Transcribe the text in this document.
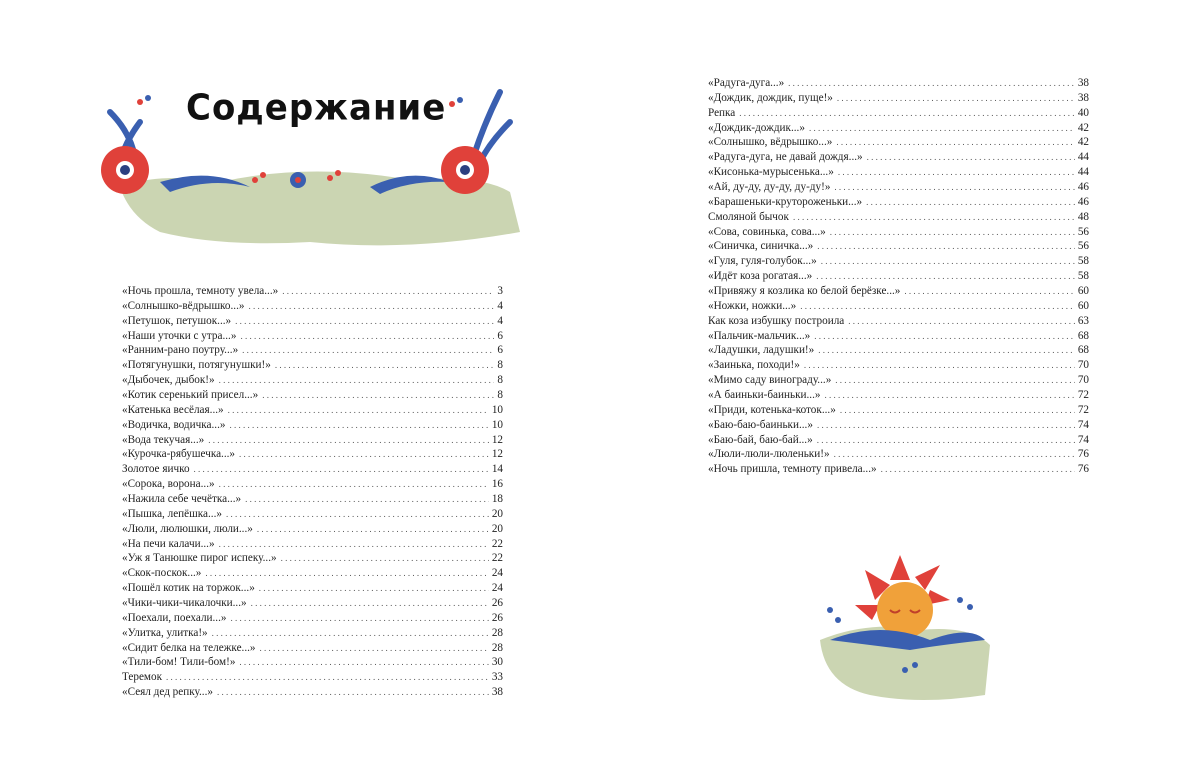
Содержание
«Ночь прошла, темноту увела...» . . .	3
«Солнышко-вёдрышко...» . . .	4
«Петушок, петушок...» . . .	4
«Наши уточки с утра...» . . .	6
«Ранним-рано поутру...» . . .	6
«Потягунушки, потягунушки!» . . .	8
«Дыбочек, дыбок!» . . .	8
«Котик серенький присел...» . . .	8
«Катенька весёлая...» . . .	10
«Водичка, водичка...» . . .	10
«Вода текучая...» . . .	12
«Курочка-рябушечка...» . . .	12
Золотое яичко . . .	14
«Сорока, ворона...» . . .	16
«Нажила себе чечётка...» . . .	18
«Пышка, лепёшка...» . . .	20
«Люли, люлюшки, люли...» . . .	20
«На печи калачи...» . . .	22
«Уж я Танюшке пирог испеку...» . . .	22
«Скок-поскок...» . . .	24
«Пошёл котик на торжок...» . . .	24
«Чики-чики-чикалочки...» . . .	26
«Поехали, поехали...» . . .	26
«Улитка, улитка!» . . .	28
«Сидит белка на тележке...» . . .	28
«Тили-бом! Тили-бом!» . . .	30
Теремок . . .	33
«Сеял дед репку...» . . .	38
«Радуга-дуга...» . . .	38
«Дождик, дождик, пуще!» . . .	38
Репка . . .	40
«Дождик-дождик...» . . .	42
«Солнышко, вёдрышко...» . . .	42
«Радуга-дуга, не давай дождя...» . . .	44
«Кисонька-мурысенька...» . . .	44
«Ай, ду-ду, ду-ду, ду-ду!» . . .	46
«Барашеньки-крутороженьки...» . . .	46
Смоляной бычок . . .	48
«Сова, совинька, сова...» . . .	56
«Синичка, синичка...» . . .	56
«Гуля, гуля-голубок...» . . .	58
«Идёт коза рогатая...» . . .	58
«Привяжу я козлика ко белой берёзке...» . . .	60
«Ножки, ножки...» . . .	60
Как коза избушку построила . . .	63
«Пальчик-мальчик...» . . .	68
«Ладушки, ладушки!» . . .	68
«Заинька, походи!» . . .	70
«Мимо саду винограду...» . . .	70
«А баиньки-баиньки...» . . .	72
«Приди, котенька-коток...» . . .	72
«Баю-баю-баиньки...» . . .	74
«Баю-бай, баю-бай...» . . .	74
«Люли-люли-люленьки!» . . .	76
«Ночь пришла, темноту привела...» . . .	76
